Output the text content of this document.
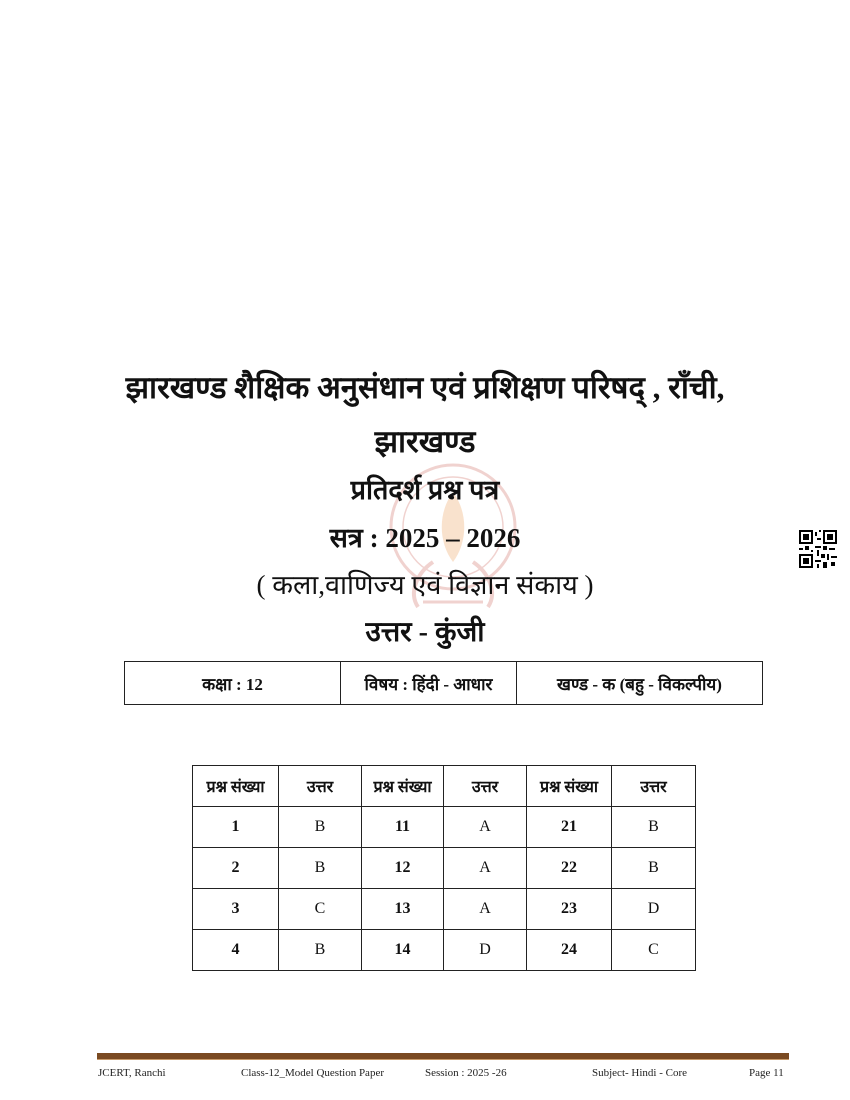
झारखण्ड शैक्षिक अनुसंधान एवं प्रशिक्षण परिषद् , राँची,
झारखण्ड
प्रतिदर्श प्रश्न पत्र
सत्र : 2025 – 2026
( कला,वाणिज्य एवं विज्ञान संकाय )
उत्तर - कुंजी
कक्षा : 12	विषय : हिंदी - आधार	खण्ड - क (बहु - विकल्पीय)
प्रश्न संख्या	उत्तर	प्रश्न संख्या	उत्तर	प्रश्न संख्या	उत्तर
1	B	11	A	21	B
2	B	12	A	22	B
3	C	13	A	23	D
4	B	14	D	24	C
JCERT, Ranchi	Class-12_Model Question Paper	Session : 2025 -26	Subject- Hindi - Core	Page 11
